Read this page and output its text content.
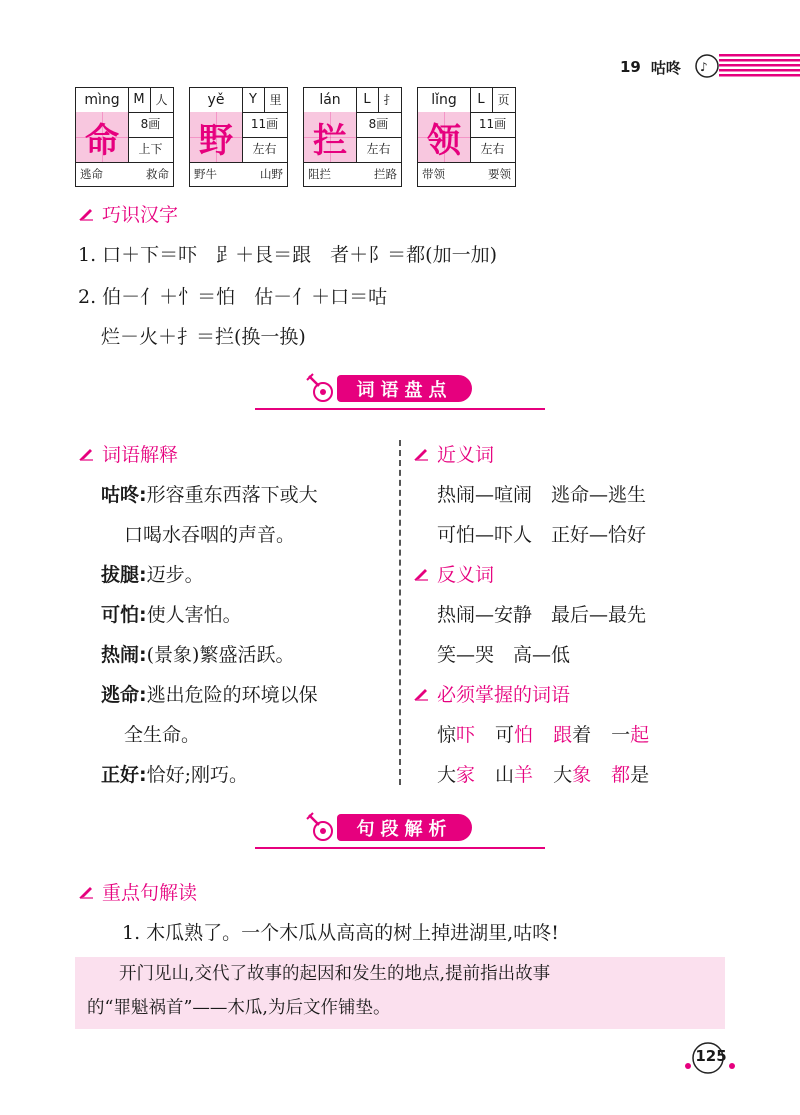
19 咕咚 ♪
mìng	M 人
命	8画
上下
逃命	救命
yě	Y	里
野	11画
左右
野牛	山野
lán	L	扌
拦	8画
左右
阻拦	拦路
lǐng	L	页
领	11画
左右
带领	要领
巧识汉字
1. 口＋下＝吓　𧾷＋艮＝跟　者＋阝＝都(加一加)
2. 伯－亻＋忄＝怕　估－亻＋口＝咕
烂－火＋扌＝拦(换一换)
词语盘点
词语解释
咕咚:形容重东西落下或大
口喝水吞咽的声音。
拔腿:迈步。
可怕:使人害怕。
热闹:(景象)繁盛活跃。
逃命:逃出危险的环境以保
全生命。
正好:恰好;刚巧。
近义词
热闹—喧闹　逃命—逃生
可怕—吓人　正好—恰好
反义词
热闹—安静　最后—最先
笑—哭　高—低
必须掌握的词语
惊吓 可怕 跟着 一起
大家 山羊 大象 都是
句段解析
重点句解读
1. 木瓜熟了。一个木瓜从高高的树上掉进湖里,咕咚!

开门见山,交代了故事的起因和发生的地点,提前指出故事

的“罪魁祸首”——木瓜,为后文作铺垫。

125
